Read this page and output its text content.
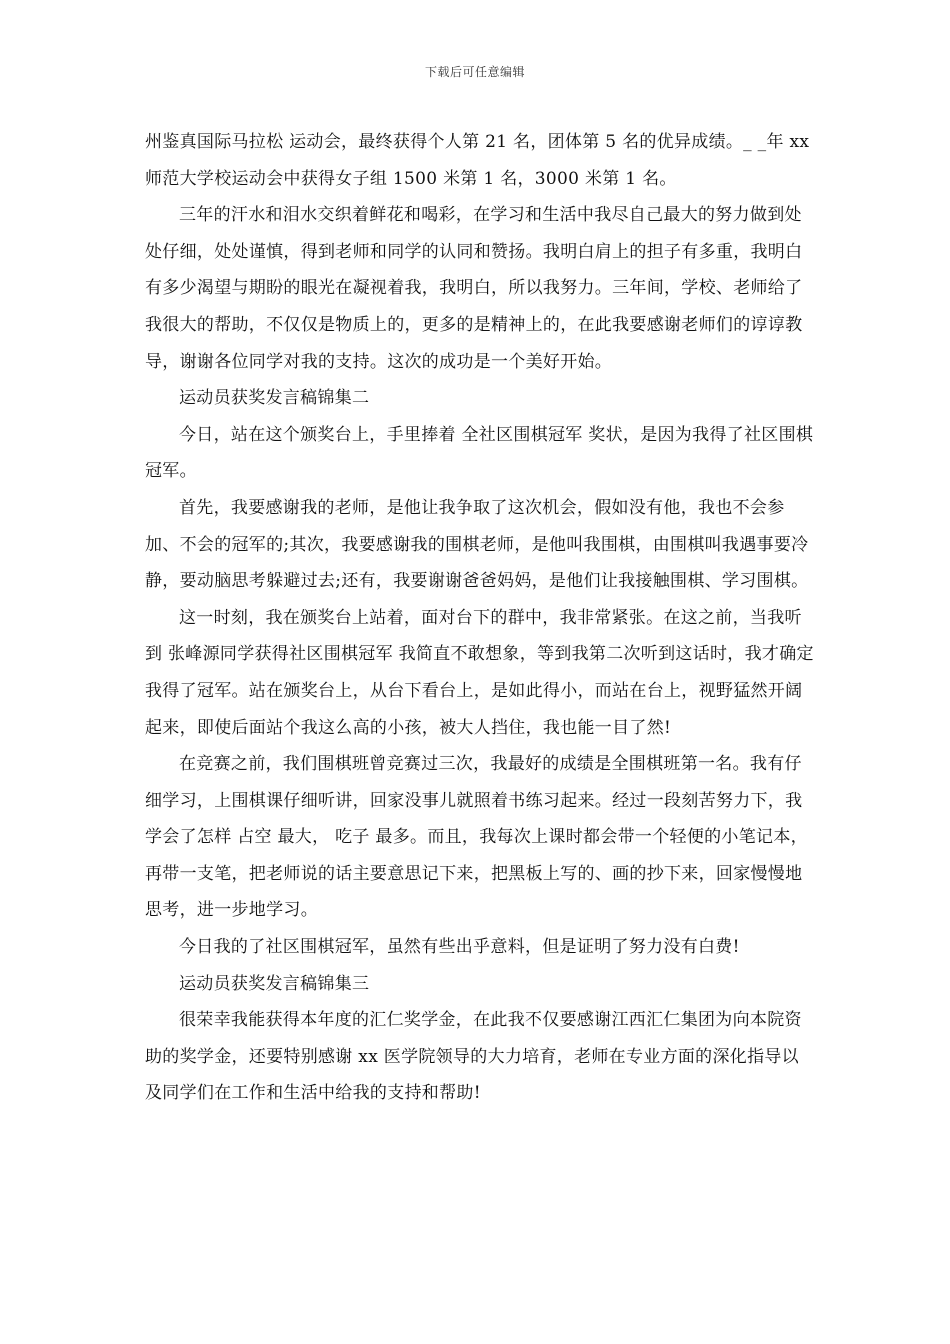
下载后可任意编辑

州鉴真国际马拉松 运动会，最终获得个人第 21 名，团体第 5 名的优异成绩。_ _年 xx 师范大学校运动会中获得女子组 1500 米第 1 名，3000 米第 1 名。

三年的汗水和泪水交织着鲜花和喝彩，在学习和生活中我尽自己最大的努力做到处处仔细，处处谨慎，得到老师和同学的认同和赞扬。我明白肩上的担子有多重，我明白有多少渴望与期盼的眼光在凝视着我，我明白，所以我努力。三年间，学校、老师给了我很大的帮助，不仅仅是物质上的，更多的是精神上的，在此我要感谢老师们的谆谆教导，谢谢各位同学对我的支持。这次的成功是一个美好开始。

运动员获奖发言稿锦集二

今日，站在这个颁奖台上，手里捧着 全社区围棋冠军 奖状，是因为我得了社区围棋冠军。

首先，我要感谢我的老师，是他让我争取了这次机会，假如没有他，我也不会参加、不会的冠军的;其次，我要感谢我的围棋老师，是他叫我围棋，由围棋叫我遇事要冷静，要动脑思考躲避过去;还有，我要谢谢爸爸妈妈，是他们让我接触围棋、学习围棋。

这一时刻，我在颁奖台上站着，面对台下的群中，我非常紧张。在这之前，当我听到 张峰源同学获得社区围棋冠军 我简直不敢想象，等到我第二次听到这话时，我才确定我得了冠军。站在颁奖台上，从台下看台上，是如此得小，而站在台上，视野猛然开阔起来，即使后面站个我这么高的小孩，被大人挡住，我也能一目了然!

在竞赛之前，我们围棋班曾竞赛过三次，我最好的成绩是全围棋班第一名。我有仔细学习，上围棋课仔细听讲，回家没事儿就照着书练习起来。经过一段刻苦努力下，我学会了怎样 占空 最大， 吃子 最多。而且，我每次上课时都会带一个轻便的小笔记本，再带一支笔，把老师说的话主要意思记下来，把黑板上写的、画的抄下来，回家慢慢地思考，进一步地学习。

今日我的了社区围棋冠军，虽然有些出乎意料，但是证明了努力没有白费!

运动员获奖发言稿锦集三

很荣幸我能获得本年度的汇仁奖学金，在此我不仅要感谢江西汇仁集团为向本院资助的奖学金，还要特别感谢 xx 医学院领导的大力培育，老师在专业方面的深化指导以及同学们在工作和生活中给我的支持和帮助!
